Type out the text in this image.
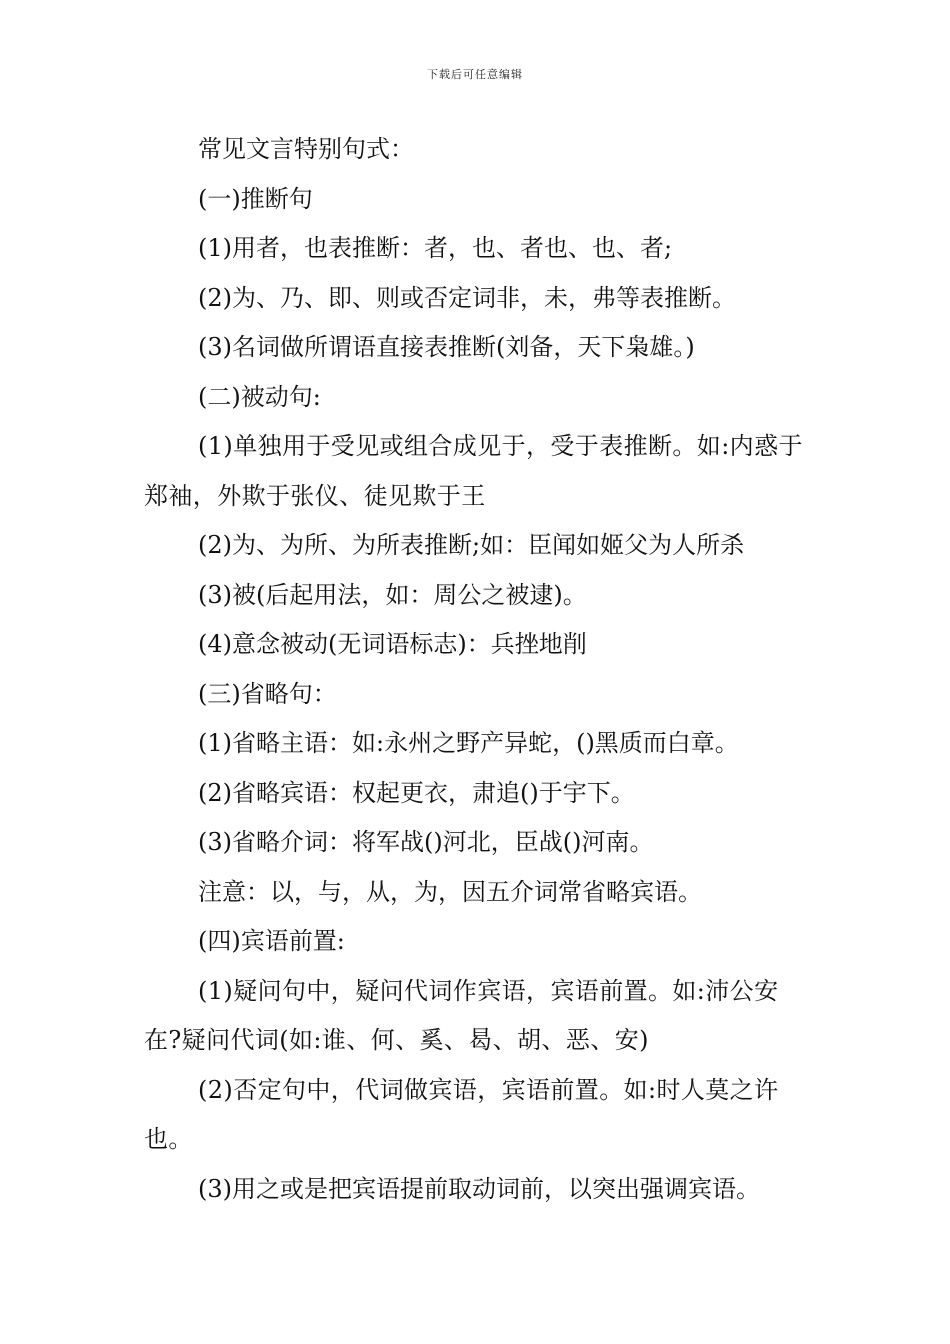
下载后可任意编辑

常见文言特别句式：

(一)推断句

(1)用者，也表推断：者，也、者也、也、者;

(2)为、乃、即、则或否定词非，未，弗等表推断。

(3)名词做所谓语直接表推断(刘备，天下枭雄。)

(二)被动句:

(1)单独用于受见或组合成见于，受于表推断。如:内惑于郑袖，外欺于张仪、徒见欺于王

(2)为、为所、为所表推断;如：臣闻如姬父为人所杀

(3)被(后起用法，如：周公之被逮)。

(4)意念被动(无词语标志)：兵挫地削

(三)省略句：

(1)省略主语：如:永州之野产异蛇，()黑质而白章。

(2)省略宾语：权起更衣，肃追()于宇下。

(3)省略介词：将军战()河北，臣战()河南。

注意：以，与，从，为，因五介词常省略宾语。

(四)宾语前置:

(1)疑问句中，疑问代词作宾语，宾语前置。如:沛公安在?疑问代词(如:谁、何、奚、曷、胡、恶、安)

(2)否定句中，代词做宾语，宾语前置。如:时人莫之许也。

(3)用之或是把宾语提前取动词前，以突出强调宾语。
